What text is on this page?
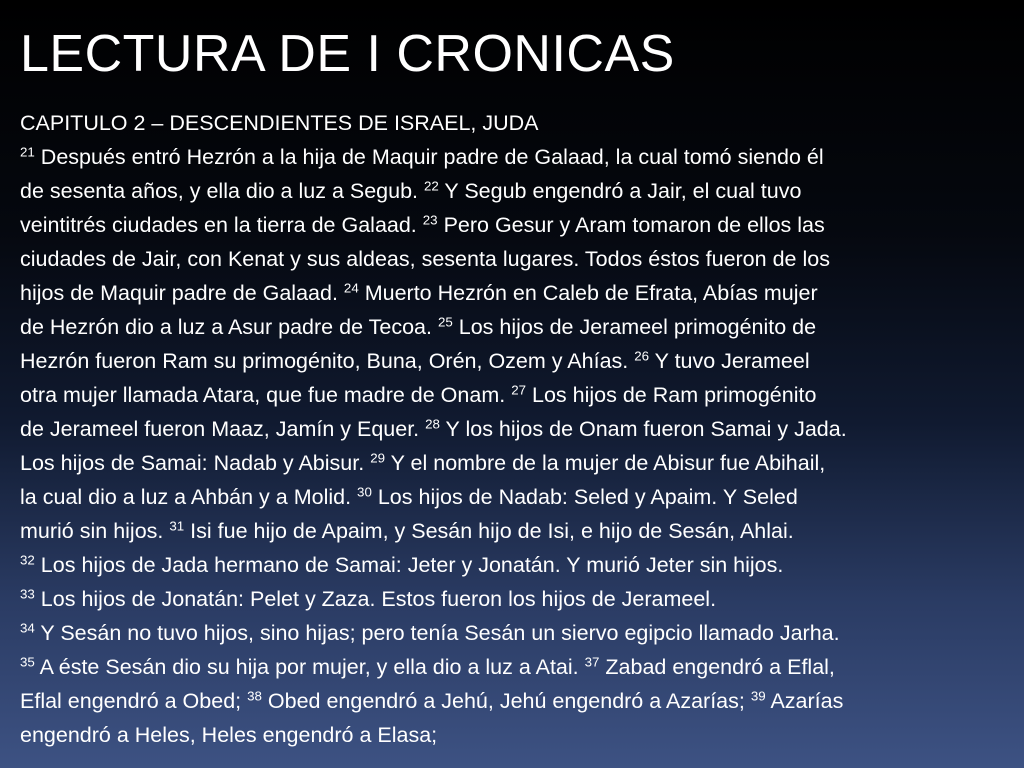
LECTURA DE I CRONICAS
CAPITULO 2 – DESCENDIENTES DE ISRAEL, JUDA
$^{21}$ Después entró Hezrón a la hija de Maquir padre de Galaad, la cual tomó siendo él
de sesenta años, y ella dio a luz a Segub. $^{22}$ Y Segub engendró a Jair, el cual tuvo
veintitrés ciudades en la tierra de Galaad. $^{23}$ Pero Gesur y Aram tomaron de ellos las
ciudades de Jair, con Kenat y sus aldeas, sesenta lugares. Todos éstos fueron de los
hijos de Maquir padre de Galaad. $^{24}$ Muerto Hezrón en Caleb de Efrata, Abías mujer
de Hezrón dio a luz a Asur padre de Tecoa. $^{25}$ Los hijos de Jerameel primogénito de
Hezrón fueron Ram su primogénito, Buna, Orén, Ozem y Ahías. $^{26}$ Y tuvo Jerameel
otra mujer llamada Atara, que fue madre de Onam. $^{27}$ Los hijos de Ram primogénito
de Jerameel fueron Maaz, Jamín y Equer. $^{28}$ Y los hijos de Onam fueron Samai y Jada.
Los hijos de Samai: Nadab y Abisur. $^{29}$ Y el nombre de la mujer de Abisur fue Abihail,
la cual dio a luz a Ahbán y a Molid. $^{30}$ Los hijos de Nadab: Seled y Apaim. Y Seled
murió sin hijos. $^{31}$ Isi fue hijo de Apaim, y Sesán hijo de Isi, e hijo de Sesán, Ahlai.
$^{32}$ Los hijos de Jada hermano de Samai: Jeter y Jonatán. Y murió Jeter sin hijos.
$^{33}$ Los hijos de Jonatán: Pelet y Zaza. Estos fueron los hijos de Jerameel.
$^{34}$ Y Sesán no tuvo hijos, sino hijas; pero tenía Sesán un siervo egipcio llamado Jarha.
$^{35}$ A éste Sesán dio su hija por mujer, y ella dio a luz a Atai. $^{37}$ Zabad engendró a Eflal,
Eflal engendró a Obed; $^{38}$ Obed engendró a Jehú, Jehú engendró a Azarías; $^{39}$ Azarías
engendró a Heles, Heles engendró a Elasa;
